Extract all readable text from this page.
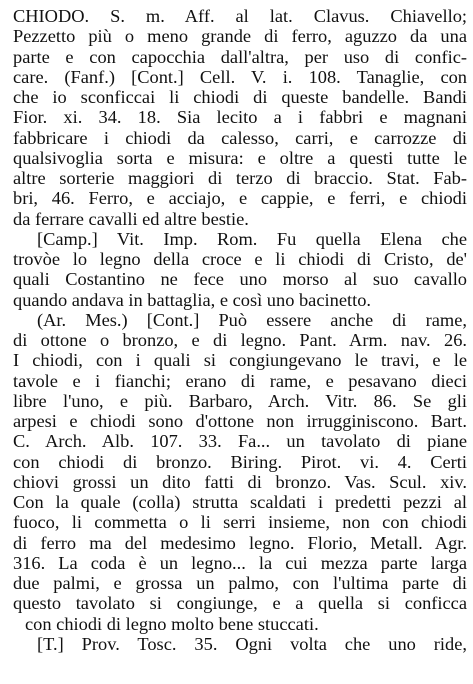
CHIODO. S. m. Aff. al lat. Clavus. Chiavello;
Pezzetto più o meno grande di ferro, aguzzo da una
parte e con capocchia dall'altra, per uso di confic-
care. (Fanf.) [Cont.] Cell. V. i. 108. Tanaglie, con
che io sconficcai li chiodi di queste bandelle. Bandi
Fior. xi. 34. 18. Sia lecito a i fabbri e magnani
fabbricare i chiodi da calesso, carri, e carrozze di
qualsivoglia sorta e misura: e oltre a questi tutte le
altre sorterie maggiori di terzo di braccio. Stat. Fab-
bri, 46. Ferro, e acciajo, e cappie, e ferri, e chiodi
da ferrare cavalli ed altre bestie.
[Camp.] Vit. Imp. Rom. Fu quella Elena che
trovòe lo legno della croce e li chiodi di Cristo, de'
quali Costantino ne fece uno morso al suo cavallo
quando andava in battaglia, e così uno bacinetto.
(Ar. Mes.) [Cont.] Può essere anche di rame,
di ottone o bronzo, e di legno. Pant. Arm. nav. 26.
I chiodi, con i quali si congiungevano le travi, e le
tavole e i fianchi; erano di rame, e pesavano dieci
libre l'uno, e più. Barbaro, Arch. Vitr. 86. Se gli
arpesi e chiodi sono d'ottone non irrugginiscono. Bart.
C. Arch. Alb. 107. 33. Fa... un tavolato di piane
con chiodi di bronzo. Biring. Pirot. vi. 4. Certi
chiovi grossi un dito fatti di bronzo. Vas. Scul. xiv.
Con la quale (colla) strutta scaldati i predetti pezzi al
fuoco, li commetta o li serri insieme, non con chiodi
di ferro ma del medesimo legno. Florio, Metall. Agr.
316. La coda è un legno... la cui mezza parte larga
due palmi, e grossa un palmo, con l'ultima parte di
questo tavolato si congiunge, e a quella si conficca
con chiodi di legno molto bene stuccati.
[T.] Prov. Tosc. 35. Ogni volta che uno ride,
